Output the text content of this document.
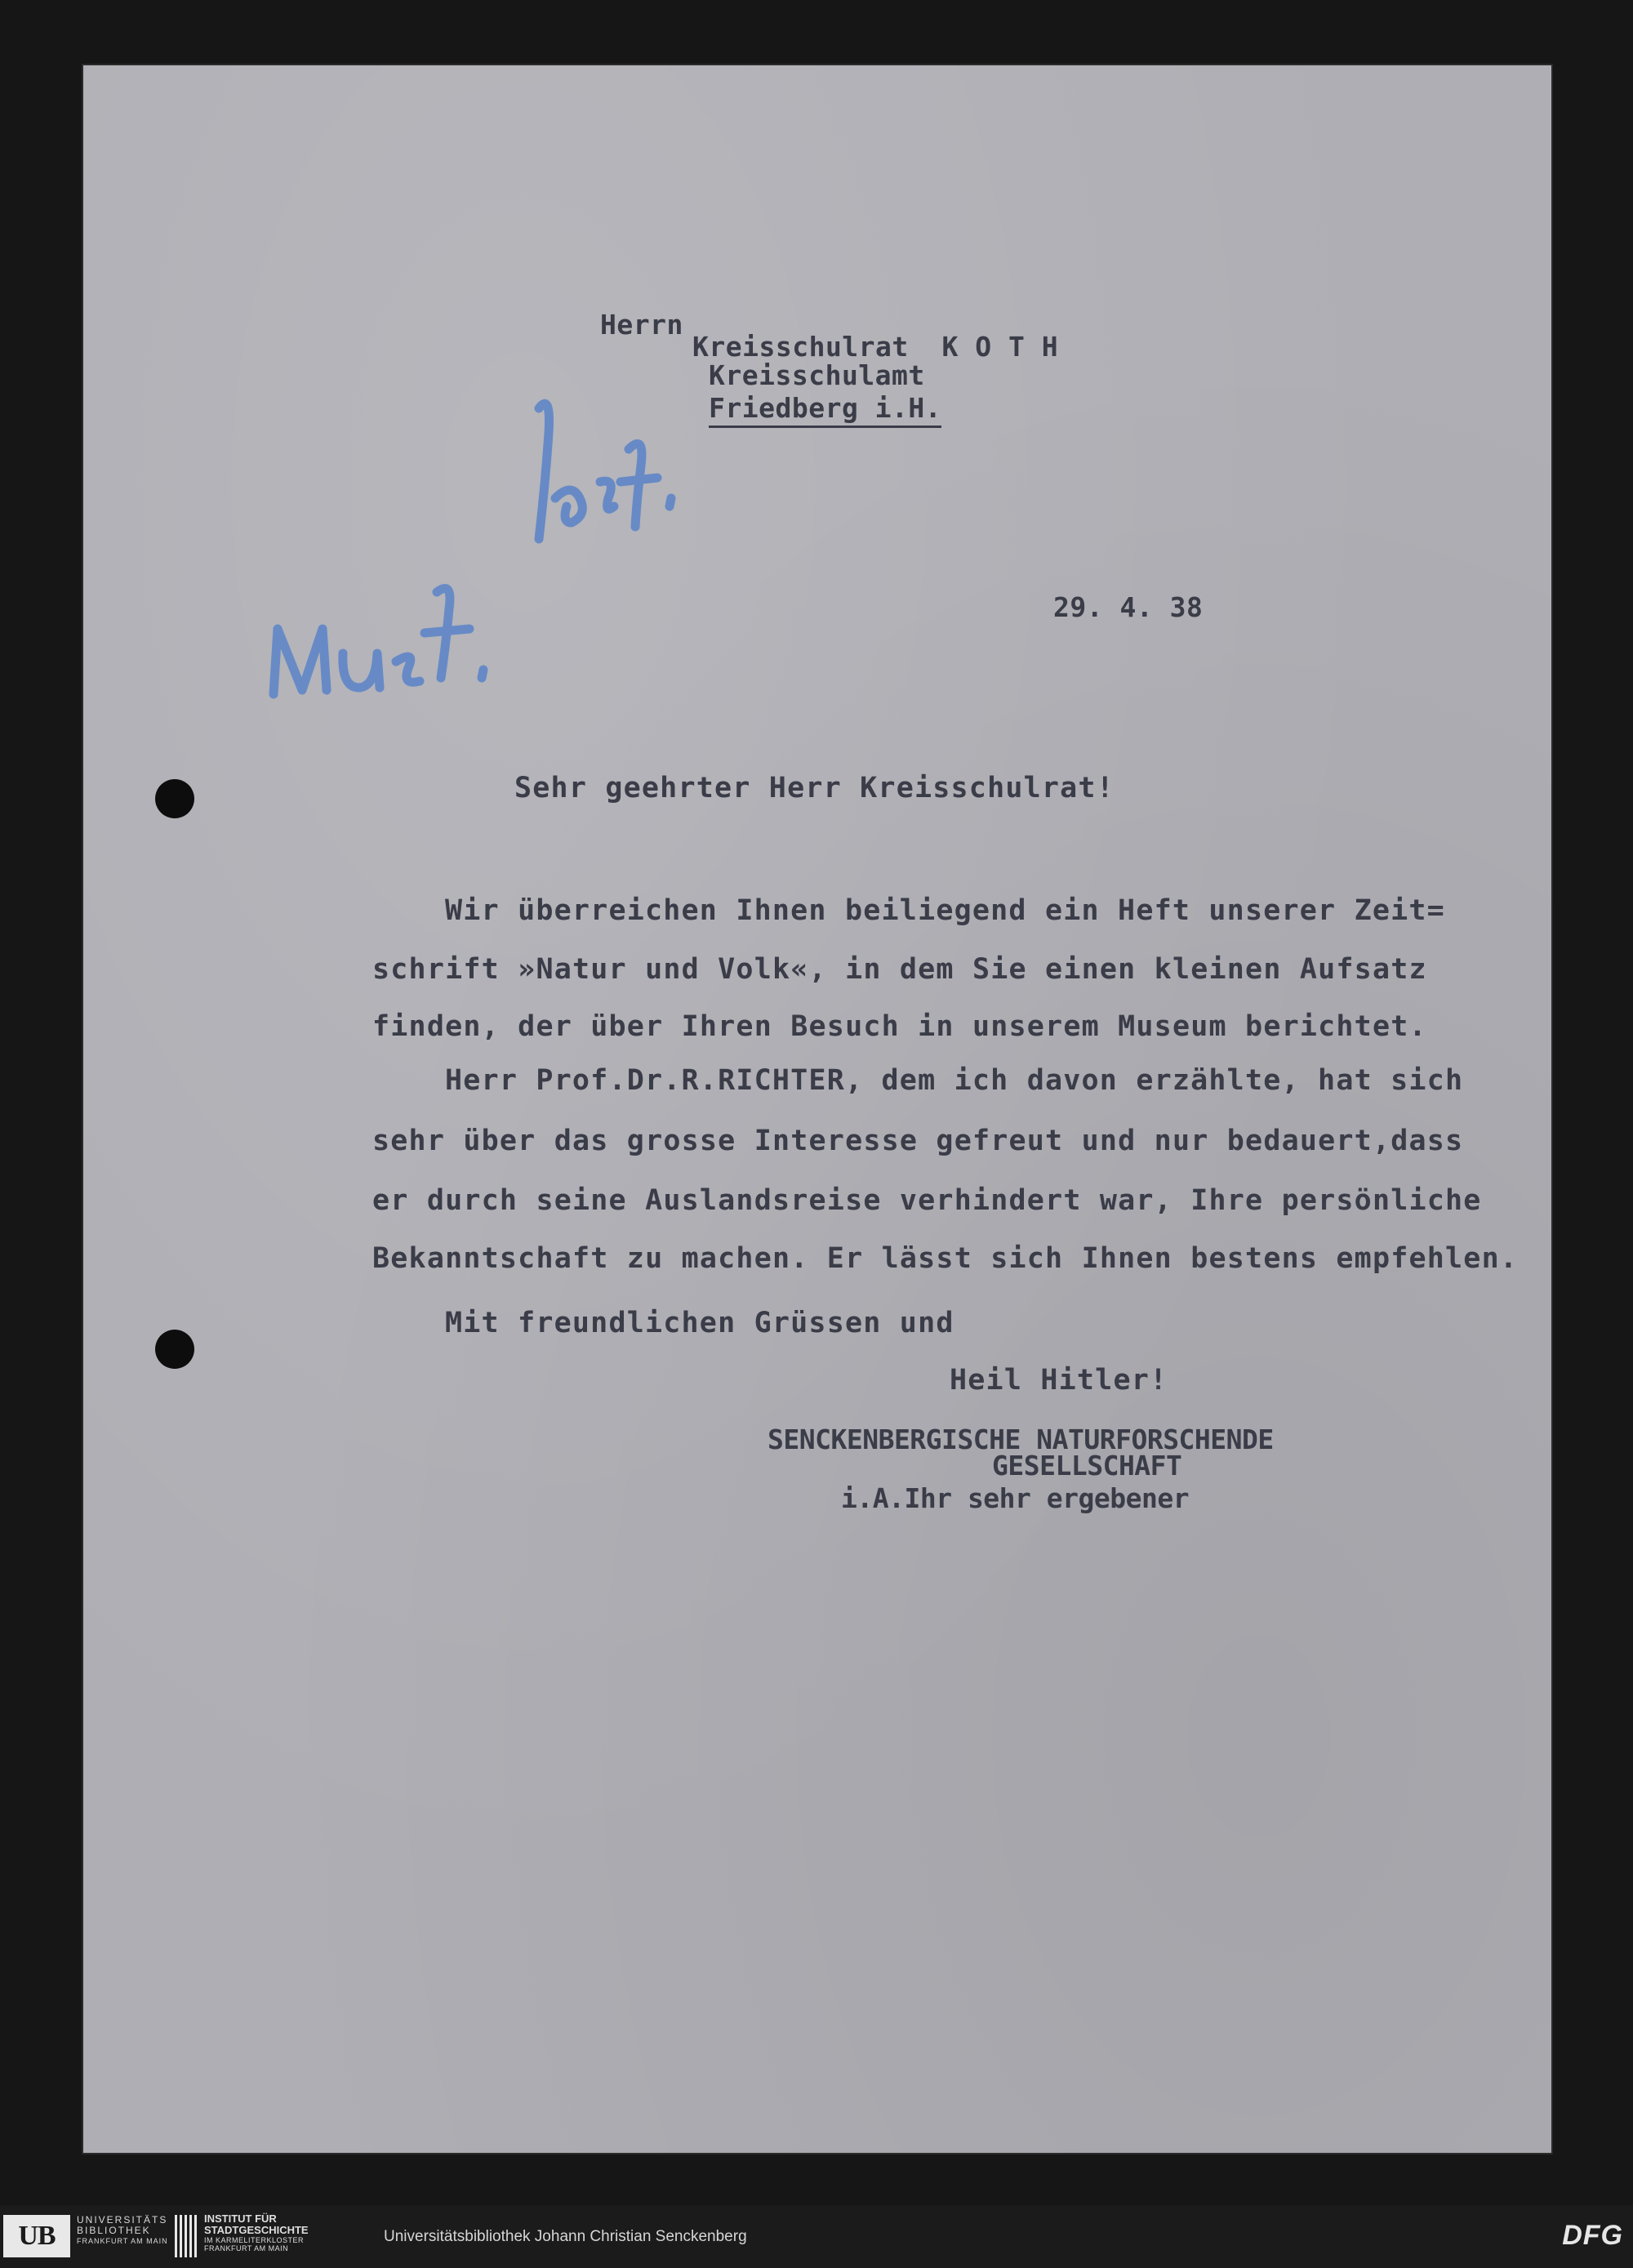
Herrn
Kreisschulrat  K O T H
Kreisschulamt
Friedberg i.H.
29. 4. 38
Sehr geehrter Herr Kreisschulrat!
Wir überreichen Ihnen beiliegend ein Heft unserer Zeit=
schrift »Natur und Volk«, in dem Sie einen kleinen Aufsatz
finden, der über Ihren Besuch in unserem Museum berichtet.
Herr Prof.Dr.R.RICHTER, dem ich davon erzählte, hat sich
sehr über das grosse Interesse gefreut und nur bedauert,dass
er durch seine Auslandsreise verhindert war, Ihre persönliche
Bekanntschaft zu machen. Er lässt sich Ihnen bestens empfehlen.
Mit freundlichen Grüssen und
Heil Hitler!
SENCKENBERGISCHE NATURFORSCHENDE
GESELLSCHAFT
i.A.Ihr sehr ergebener
UB
UNIVERSITÄTS
BIBLIOTHEK
FRANKFURT AM MAIN
INSTITUT FÜR
STADTGESCHICHTE
IM KARMELITERKLOSTER
FRANKFURT AM MAIN
Universitätsbibliothek Johann Christian Senckenberg	DFG
